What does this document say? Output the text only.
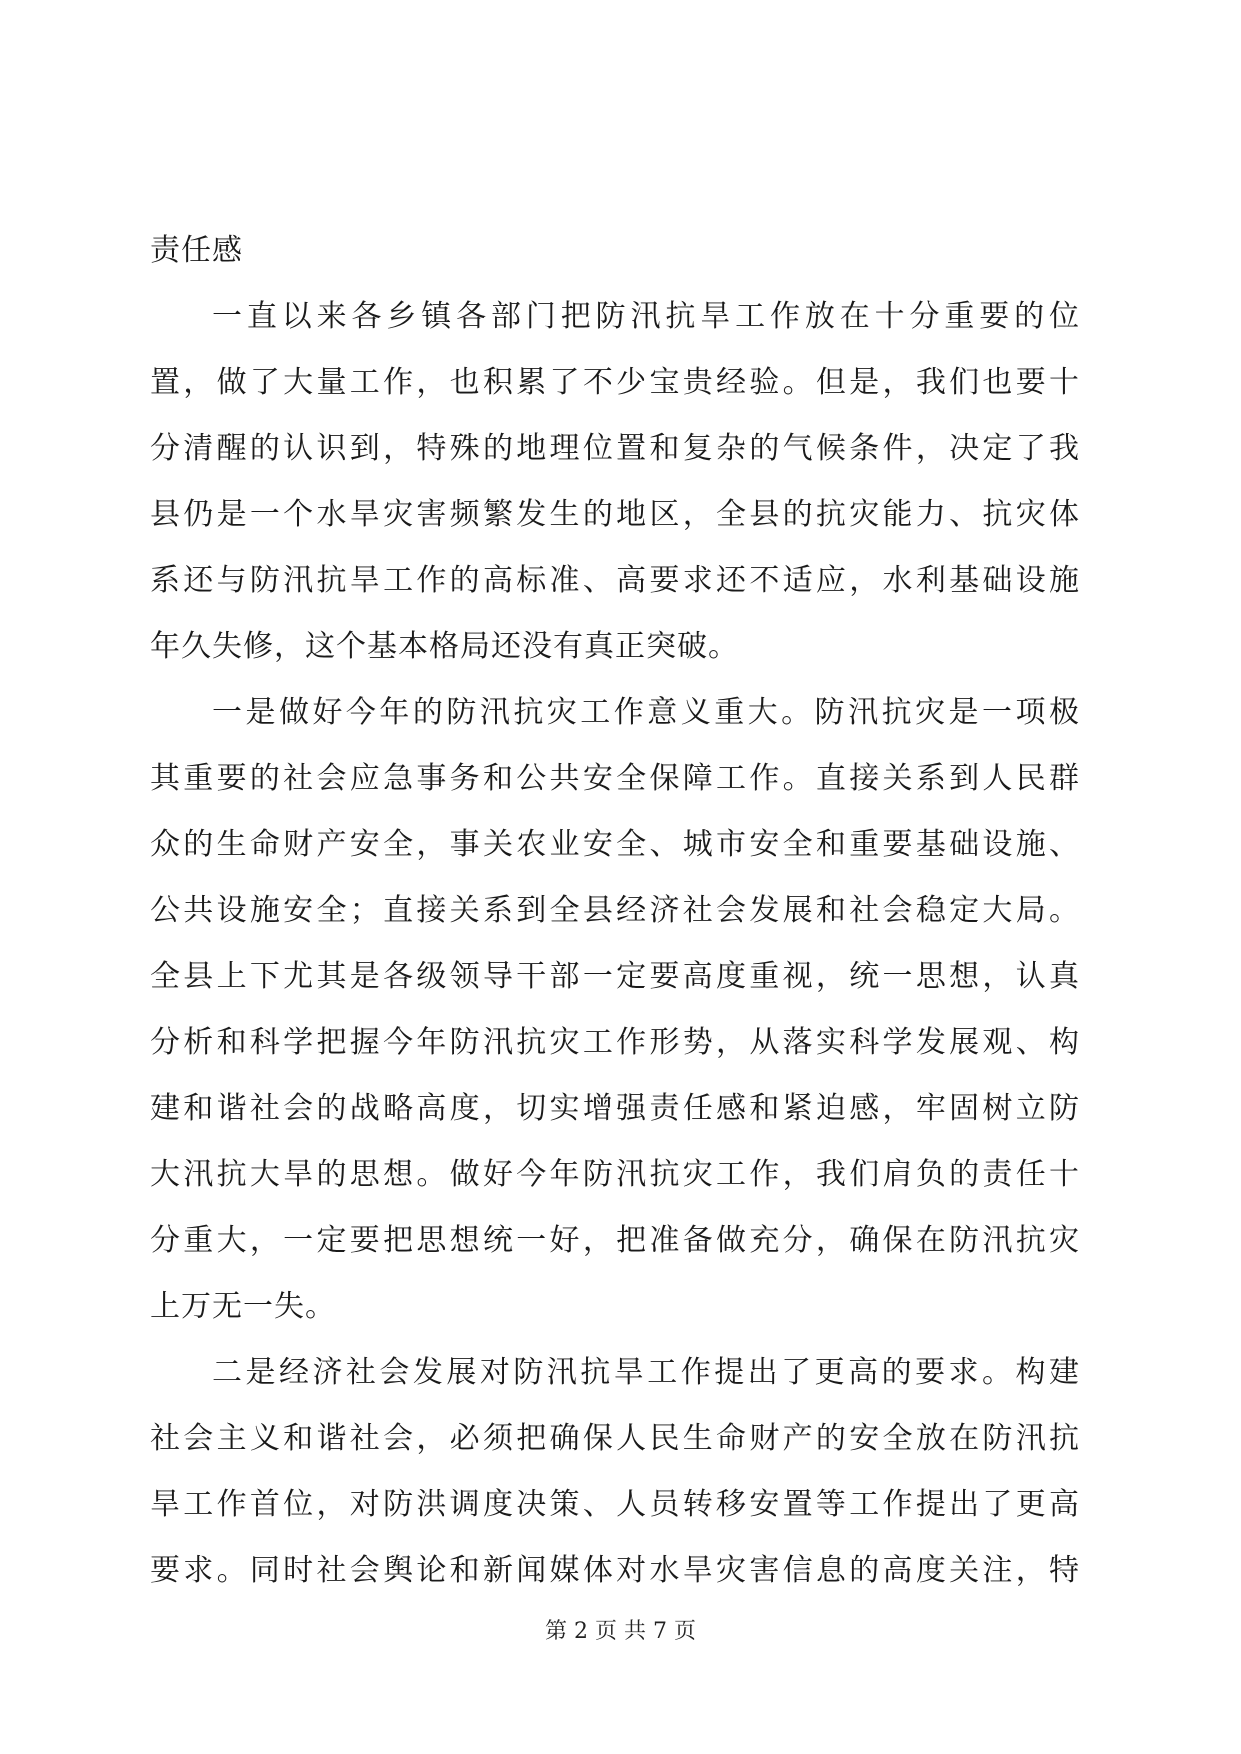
责任感
一直以来各乡镇各部门把防汛抗旱工作放在十分重要的位
置，做了大量工作，也积累了不少宝贵经验。但是，我们也要十
分清醒的认识到，特殊的地理位置和复杂的气候条件，决定了我
县仍是一个水旱灾害频繁发生的地区，全县的抗灾能力、抗灾体
系还与防汛抗旱工作的高标准、高要求还不适应，水利基础设施
年久失修，这个基本格局还没有真正突破。
一是做好今年的防汛抗灾工作意义重大。防汛抗灾是一项极
其重要的社会应急事务和公共安全保障工作。直接关系到人民群
众的生命财产安全，事关农业安全、城市安全和重要基础设施、
公共设施安全；直接关系到全县经济社会发展和社会稳定大局。
全县上下尤其是各级领导干部一定要高度重视，统一思想，认真
分析和科学把握今年防汛抗灾工作形势，从落实科学发展观、构
建和谐社会的战略高度，切实增强责任感和紧迫感，牢固树立防
大汛抗大旱的思想。做好今年防汛抗灾工作，我们肩负的责任十
分重大，一定要把思想统一好，把准备做充分，确保在防汛抗灾
上万无一失。
二是经济社会发展对防汛抗旱工作提出了更高的要求。构建
社会主义和谐社会，必须把确保人民生命财产的安全放在防汛抗
旱工作首位，对防洪调度决策、人员转移安置等工作提出了更高
要求。同时社会舆论和新闻媒体对水旱灾害信息的高度关注，特
第 2 页 共 7 页
